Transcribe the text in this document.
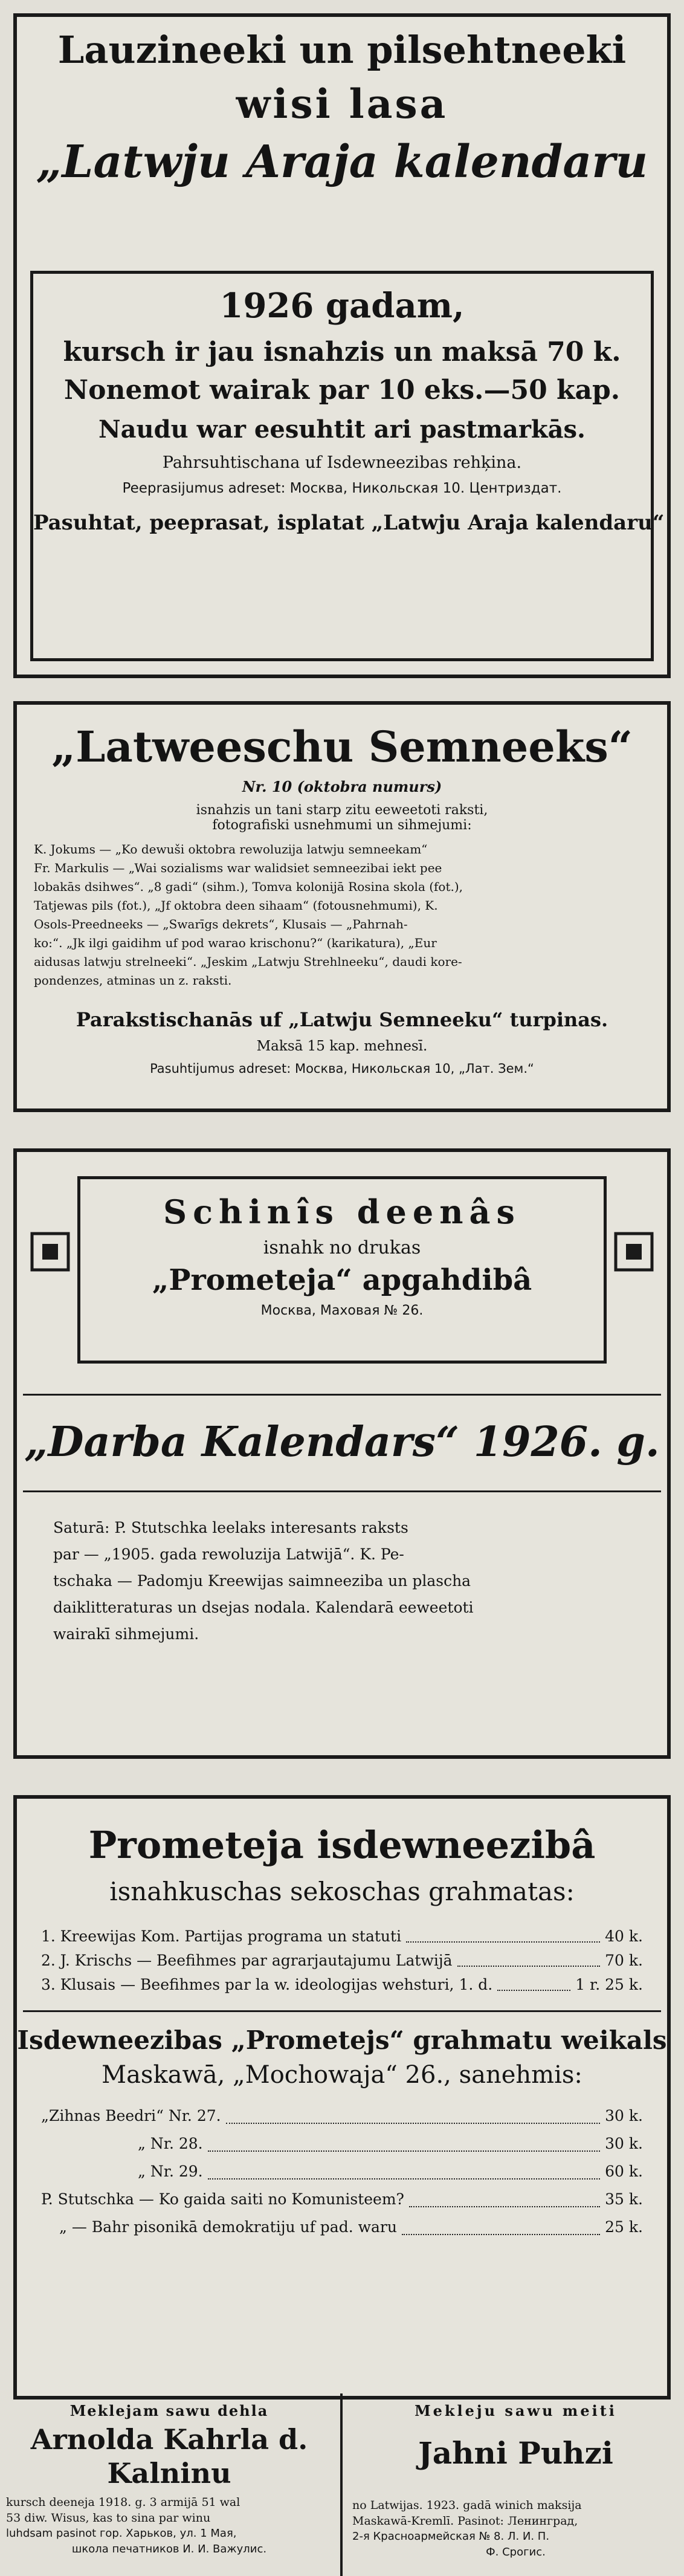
Lauzineeki un pilsehtneeki
wisi lasa
„Latwju Araja kalendaru
1926 gadam,
kursch ir jau isnahzis un maksā 70 k.
Nonemot wairak par 10 eks.—50 kap.
Naudu war eesuhtit ari pastmarkās.
Pahrsuhtischana uf Isdewneezibas rehķina.
Peeprasijumus adreset: Москва, Никольская 10. Центриздат.
Pasuhtat, peeprasat, isplatat „Latwju Araja kalendaru“
„Latweeschu Semneeks“
Nr. 10 (oktobra numurs)
isnahzis un tani starp zitu eeweetoti raksti,
fotografiski usnehmumi un sihmejumi:
K. Jokums — „Ko dewuši oktobra rewoluzija latwju semneekam“
Fr. Markulis — „Wai sozialisms war walidsiet semneezibai iekt pee
lobakās dsihwes“. „8 gadi“ (sihm.), Tomva kolonijā Rosina skola (fot.),
Tatjewas pils (fot.), „Jf oktobra deen sihaam“ (fotousnehmumi), K.
Osols-Preedneeks — „Swarīgs dekrets“, Klusais — „Pahrnah-
ko:“. „Jk ilgi gaidihm uf pod warao krischonu?“ (karikatura), „Eur
aidusas latwju strelneeki“. „Jeskim „Latwju Strehlneeku“, daudi kore-
pondenzes, atminas un z. raksti.
Parakstischanās uf „Latwju Semneeku“ turpinas.
Maksā 15 kap. mehnesī.
Pasuhtijumus adreset: Москва, Никольская 10, „Лат. Зем.“
Schinîs deenâs
isnahk no drukas
„Prometeja“ apgahdibâ
Москва, Маховая № 26.
„Darba Kalendars“ 1926. g.
Saturā: P. Stutschka leelaks interesants raksts
par — „1905. gada rewoluzija Latwijā“. K. Pe-
tschaka — Padomju Kreewijas saimneeziba un plascha
daiklitteraturas un dsejas nodala. Kalendarā eeweetoti
wairakī sihmejumi.
Prometeja isdewneezibâ
isnahkuschas sekoschas grahmatas:
1. Kreewijas Kom. Partijas programa un statuti	40 k.
2. J. Krischs — Beefihmes par agrarjautajumu Latwijā	70 k.
3. Klusais — Beefihmes par la w. ideologijas wehsturi, 1. d.	1 r. 25 k.
Isdewneezibas „Prometejs“ grahmatu weikals
Maskawā, „Mochowaja“ 26., sanehmis:
„Zihnas Beedri“ Nr. 27.	30 k.
„ Nr. 28.	30 k.
„ Nr. 29.	60 k.
P. Stutschka — Ko gaida saiti no Komunisteem?	35 k.
„ — Bahr pisonikā demokratiju uf pad. waru	25 k.
Meklejam sawu dehla
Arnolda Kahrla d.
Kalninu
kursch deeneja 1918. g. 3 armijā 51 wal
53 diw. Wisus, kas to sina par winu
luhdsam pasinot гор. Харьков, ул. 1 Мая,
школа печатников И. И. Важулис.
Mekleju sawu meiti
Jahni Puhzi
no Latwijas. 1923. gadā winiсh maksija
Maskawā-Kremlī. Pasinot: Ленинград,
2-я Красноармейская № 8. Л. И. П.
Ф. Срогис.
